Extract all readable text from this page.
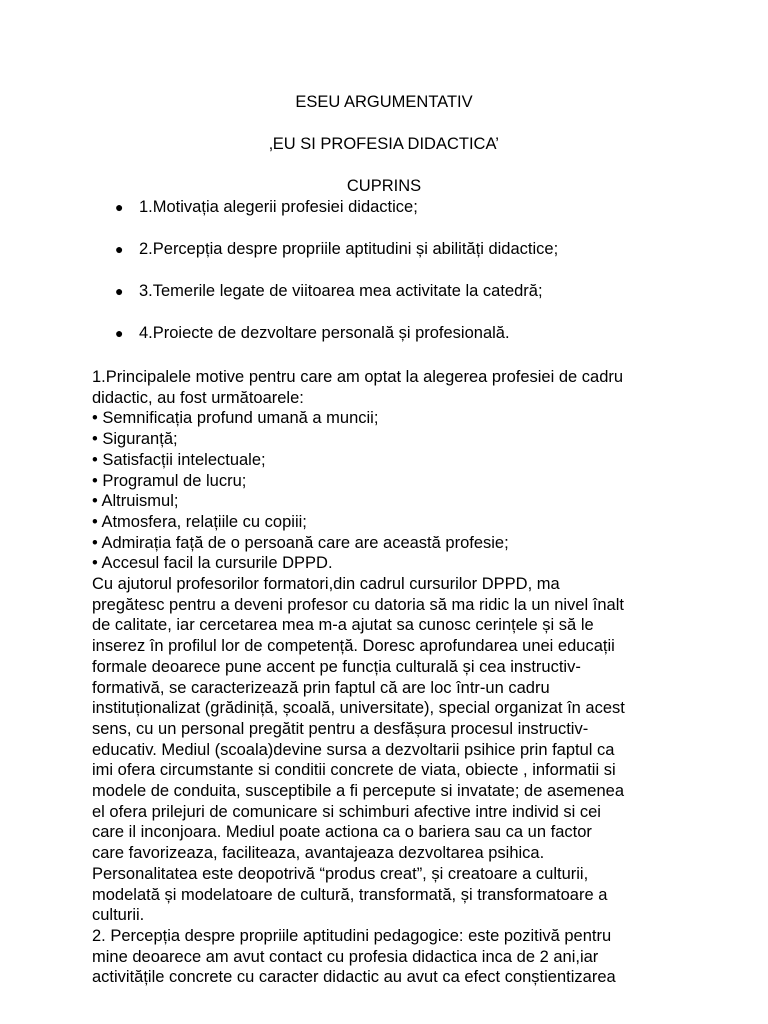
ESEU ARGUMENTATIV
‚EU SI PROFESIA DIDACTICA’
CUPRINS
● 1.Motivația alegerii profesiei didactice;
● 2.Percepția despre propriile aptitudini și abilități didactice;
● 3.Temerile legate de viitoarea mea activitate la catedră;
● 4.Proiecte de dezvoltare personală și profesională.

1.Principalele motive pentru care am optat la alegerea profesiei de cadru

didactic, au fost următoarele:

• Semnificația profund umană a muncii;

• Siguranță;

• Satisfacții intelectuale;

• Programul de lucru;

• Altruismul;

• Atmosfera, relațiile cu copiii;

• Admirația față de o persoană care are această profesie;

• Accesul facil la cursurile DPPD.

Cu ajutorul profesorilor formatori,din cadrul cursurilor DPPD, ma

pregătesc pentru a deveni profesor cu datoria să ma ridic la un nivel înalt

de calitate, iar cercetarea mea m-a ajutat sa cunosc cerințele și să le

inserez în profilul lor de competență. Doresc aprofundarea unei educații

formale deoarece pune accent pe funcția culturală și cea instructiv-

formativă, se caracterizează prin faptul că are loc într-un cadru

instituționalizat (grădiniță, școală, universitate), special organizat în acest

sens, cu un personal pregătit pentru a desfășura procesul instructiv-

educativ. Mediul (scoala)devine sursa a dezvoltarii psihice prin faptul ca

imi ofera circumstante si conditii concrete de viata, obiecte , informatii si

modele de conduita, susceptibile a fi percepute si invatate; de asemenea

el ofera prilejuri de comunicare si schimburi afective intre individ si cei

care il inconjoara. Mediul poate actiona ca o bariera sau ca un factor

care favorizeaza, faciliteaza, avantajeaza dezvoltarea psihica.

Personalitatea este deopotrivă “produs creat”, și creatoare a culturii,

modelată și modelatoare de cultură, transformată, și transformatoare a

culturii.

2. Percepția despre propriile aptitudini pedagogice: este pozitivă pentru

mine deoarece am avut contact cu profesia didactica inca de 2 ani,iar

activitățile concrete cu caracter didactic au avut ca efect conștientizarea
